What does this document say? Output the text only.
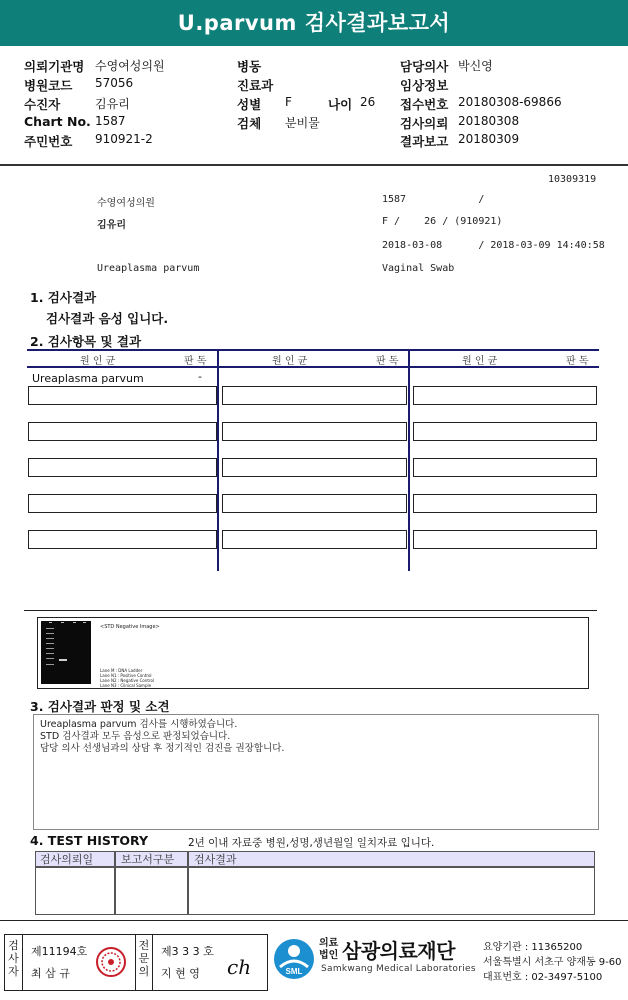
U.parvum 검사결과보고서
의뢰기관명 수영여성의원
병원코드 57056
수진자	김유리
Chart No. 1587
주민번호 910921-2
병동
진료과
성별 F	나이 26
검체 분비물
담당의사 박신영
임상정보
접수번호 20180308-69866
검사의뢰 20180308
결과보고 20180309
10309319
수영여성의원	1587            /
김유리	F /    26 / (910921)
2018-03-08      / 2018-03-09 14:40:58
Ureaplasma parvum	Vaginal Swab
1. 검사결과
검사결과 음성 입니다.
2. 검사항목 및 결과
원 인 균	판 독	원 인 균	판 독	원 인 균	판 독
Ureaplasma parvum	-
<STD Negative Image>
Lane M : DNA Ladder
Lane N1 : Positive Control
Lane N2 : Negative Control
Lane N3 : Clinical Sample
3. 검사결과 판정 및 소견
Ureaplasma parvum 검사를 시행하였습니다.
STD 검사결과 모두 음성으로 판정되었습니다.
담당 의사 선생님과의 상담 후 정기적인 검진을 권장합니다.
4. TEST HISTORY	2년 이내 자료중 병원,성명,생년월일 일치자료 입니다.
검사의뢰일	보고서구분	검사결과
검사자
제11194호
최 삼 규
전문의
제3 3 3 호
지 현 영 ch	SML
의료법인 삼광의료재단
Samkwang Medical Laboratories
요양기관 : 11365200
서울특별시 서초구 양재동 9-60
대표번호 : 02-3497-5100
